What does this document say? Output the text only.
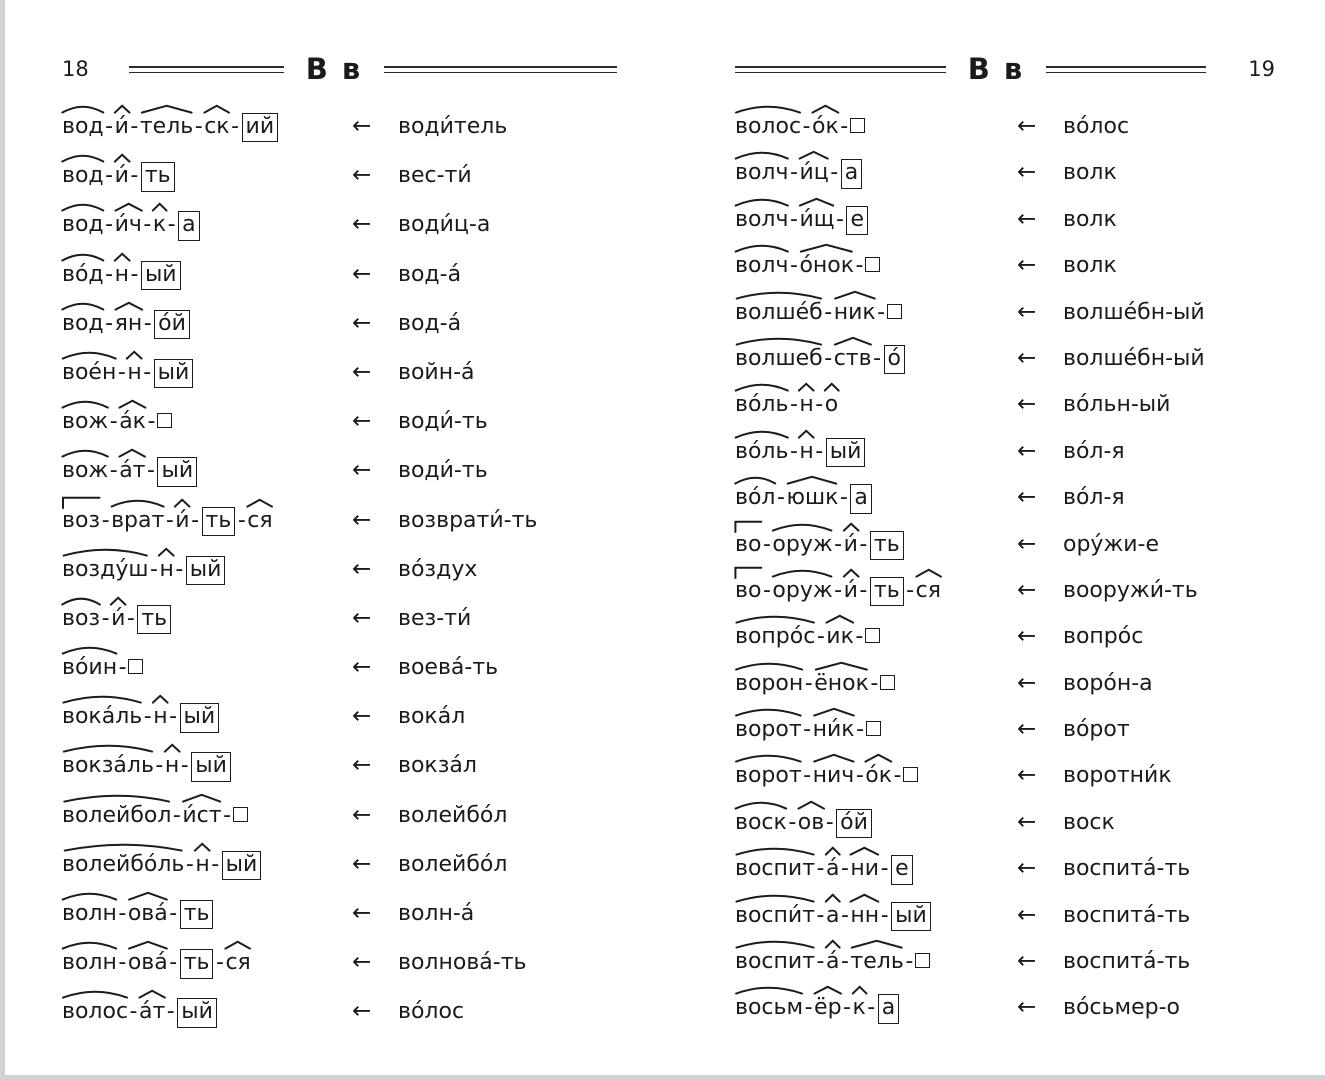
18	В в
вод
-и́
-тель
-ск
- ий	←	води́тель
вод
-и́
- ть	←	вес-ти́
вод
-и́ч
-к
- а	←	води́ц-а
во́д
-н
- ый	←	вод-а́
вод
-ян
- о́й	←	вод-а́
вое́н
-н
- ый	←	войн-а́
вож
-а́к
-	←	води́-ть
вож
-а́т
- ый	←	води́-ть
воз
-врат
-и́
- ть -ся	←	возврати́-ть
возду́ш
-н
- ый	←	во́здух
воз
-и́
- ть	←	вез-ти́
во́ин
-	←	воева́-ть
вока́ль
-н
- ый	←	вока́л
вокза́ль
-н
- ый	←	вокза́л
волейбол
-и́ст
-	←	волейбо́л
волейбо́ль
-н
- ый	←	волейбо́л
волн
-ова́
- ть	←	волн-а́
волн
-ова́
- ть -ся	←	волнова́-ть
волос
-а́т
- ый	←	во́лос
В в	19
волос
-о́к
-	←	во́лос
волч
-и́ц
- а	←	волк
волч
-и́щ
- е	←	волк
волч
-о́нок
-	←	волк
волше́б
-ник
-	←	волше́бн-ый
волшеб
-ств
- о́	←	волше́бн-ый
во́ль
-н
-о	←	во́льн-ый
во́ль
-н
- ый	←	во́л-я
во́л
-юшк
- а	←	во́л-я
во
-оруж
-и́
- ть	←	ору́жи-е
во
-оруж
-и́
- ть -ся	←	вооружи́-ть
вопро́с
-ик
-	←	вопро́с
ворон
-ёнок
-	←	воро́н-а
ворот
-ни́к
-	←	во́рот
ворот
-нич
-о́к
-	←	воротни́к
воск
-ов
- о́й	←	воск
воспит
-а́
-ни
- е	←	воспита́-ть
воспи́т
-а
-нн
- ый	←	воспита́-ть
воспит
-а́
-тель
-	←	воспита́-ть
восьм
-ёр
-к
- а	←	во́сьмер-о
